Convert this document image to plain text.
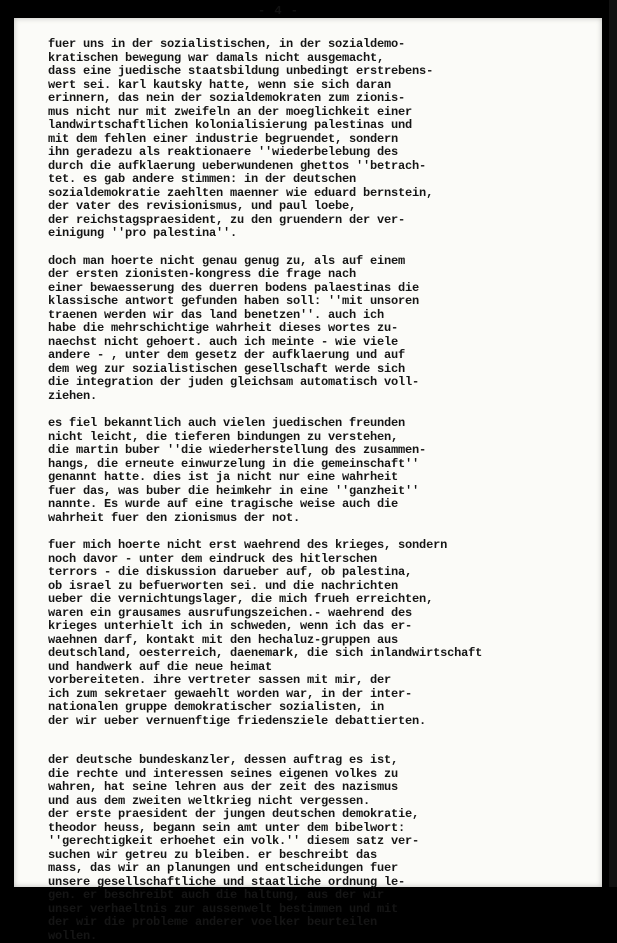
- 4 -
fuer uns in der sozialistischen, in der sozialdemo-
kratischen bewegung war damals nicht ausgemacht,
dass eine juedische staatsbildung unbedingt erstrebens-
wert sei. karl kautsky hatte, wenn sie sich daran
erinnern, das nein der sozialdemokraten zum zionis-
mus nicht nur mit zweifeln an der moeglichkeit einer
landwirtschaftlichen kolonialisierung palestinas und
mit dem fehlen einer industrie begruendet, sondern
ihn geradezu als reaktionaere ''wiederbelebung des
durch die aufklaerung ueberwundenen ghettos ''betrach-
tet. es gab andere stimmen: in der deutschen
sozialdemokratie zaehlten maenner wie eduard bernstein,
der vater des revisionismus, und paul loebe,
der reichstagspraesident, zu den gruendern der ver-
einigung ''pro palestina''.
doch man hoerte nicht genau genug zu, als auf einem
der ersten zionisten-kongress die frage nach
einer bewaesserung des duerren bodens palaestinas die
klassische antwort gefunden haben soll: ''mit unsoren
traenen werden wir das land benetzen''. auch ich
habe die mehrschichtige wahrheit dieses wortes zu-
naechst nicht gehoert. auch ich meinte - wie viele
andere - , unter dem gesetz der aufklaerung und auf
dem weg zur sozialistischen gesellschaft werde sich
die integration der juden gleichsam automatisch voll-
ziehen.
es fiel bekanntlich auch vielen juedischen freunden
nicht leicht, die tieferen bindungen zu verstehen,
die martin buber ''die wiederherstellung des zusammen-
hangs, die erneute einwurzelung in die gemeinschaft''
genannt hatte. dies ist ja nicht nur eine wahrheit
fuer das, was buber die heimkehr in eine ''ganzheit''
nannte. Es wurde auf eine tragische weise auch die
wahrheit fuer den zionismus der not.
fuer mich hoerte nicht erst waehrend des krieges, sondern
noch davor - unter dem eindruck des hitlerschen
terrors - die diskussion darueber auf, ob palestina,
ob israel zu befuerworten sei. und die nachrichten
ueber die vernichtungslager, die mich frueh erreichten,
waren ein grausames ausrufungszeichen.- waehrend des
krieges unterhielt ich in schweden, wenn ich das er-
waehnen darf, kontakt mit den hechaluz-gruppen aus
deutschland, oesterreich, daenemark, die sich inlandwirtschaft
und handwerk auf die neue heimat
vorbereiteten. ihre vertreter sassen mit mir, der
ich zum sekretaer gewaehlt worden war, in der inter-
nationalen gruppe demokratischer sozialisten, in
der wir ueber vernuenftige friedensziele debattierten.
der deutsche bundeskanzler, dessen auftrag es ist,
die rechte und interessen seines eigenen volkes zu
wahren, hat seine lehren aus der zeit des nazismus
und aus dem zweiten weltkrieg nicht vergessen.
der erste praesident der jungen deutschen demokratie,
theodor heuss, begann sein amt unter dem bibelwort:
''gerechtigkeit erhoehet ein volk.'' diesem satz ver-
suchen wir getreu zu bleiben. er beschreibt das
mass, das wir an planungen und entscheidungen fuer
unsere gesellschaftliche und staatliche ordnung le-
gen. er beschreibt auch die haltung, aus der wir
unser verhaeltnis zur aussenwelt bestimmen und mit
der wir die probleme anderer voelker beurteilen
wollen.
